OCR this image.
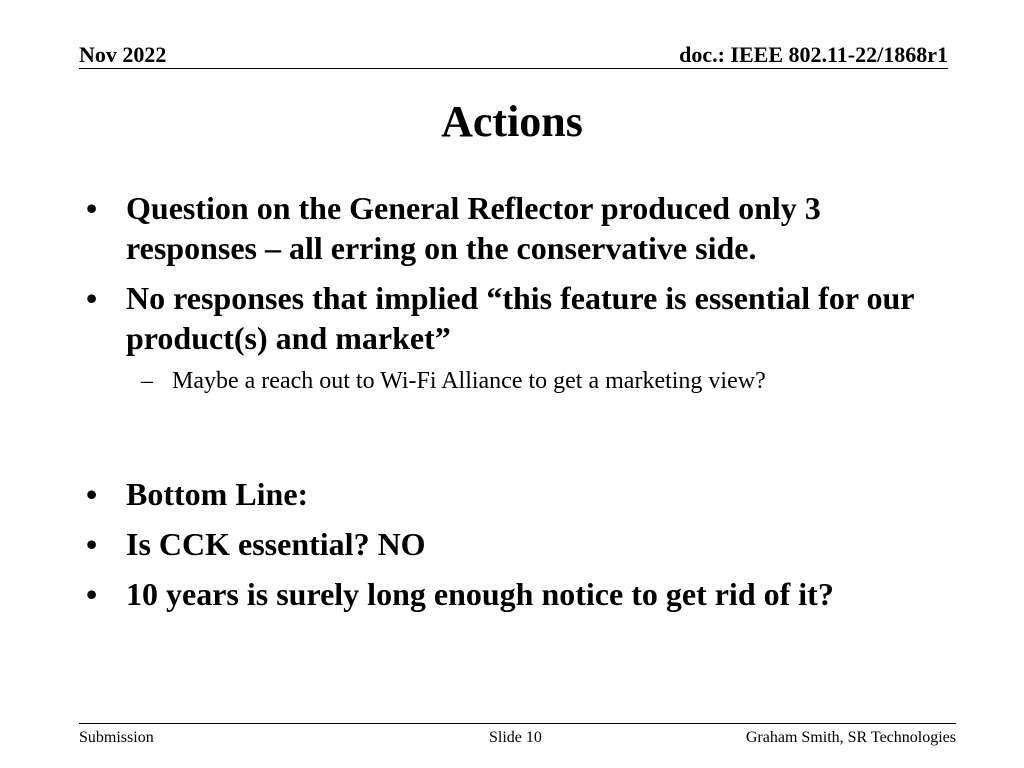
Nov 2022	doc.: IEEE 802.11-22/1868r1
Actions
• Question on the General Reflector produced only 3 responses – all erring on the conservative side.
• No responses that implied “this feature is essential for our product(s) and market”
– Maybe a reach out to Wi-Fi Alliance to get a marketing view?
• Bottom Line:
• Is CCK essential? NO
• 10 years is surely long enough notice to get rid of it?
Submission	Slide 10	Graham Smith, SR Technologies
